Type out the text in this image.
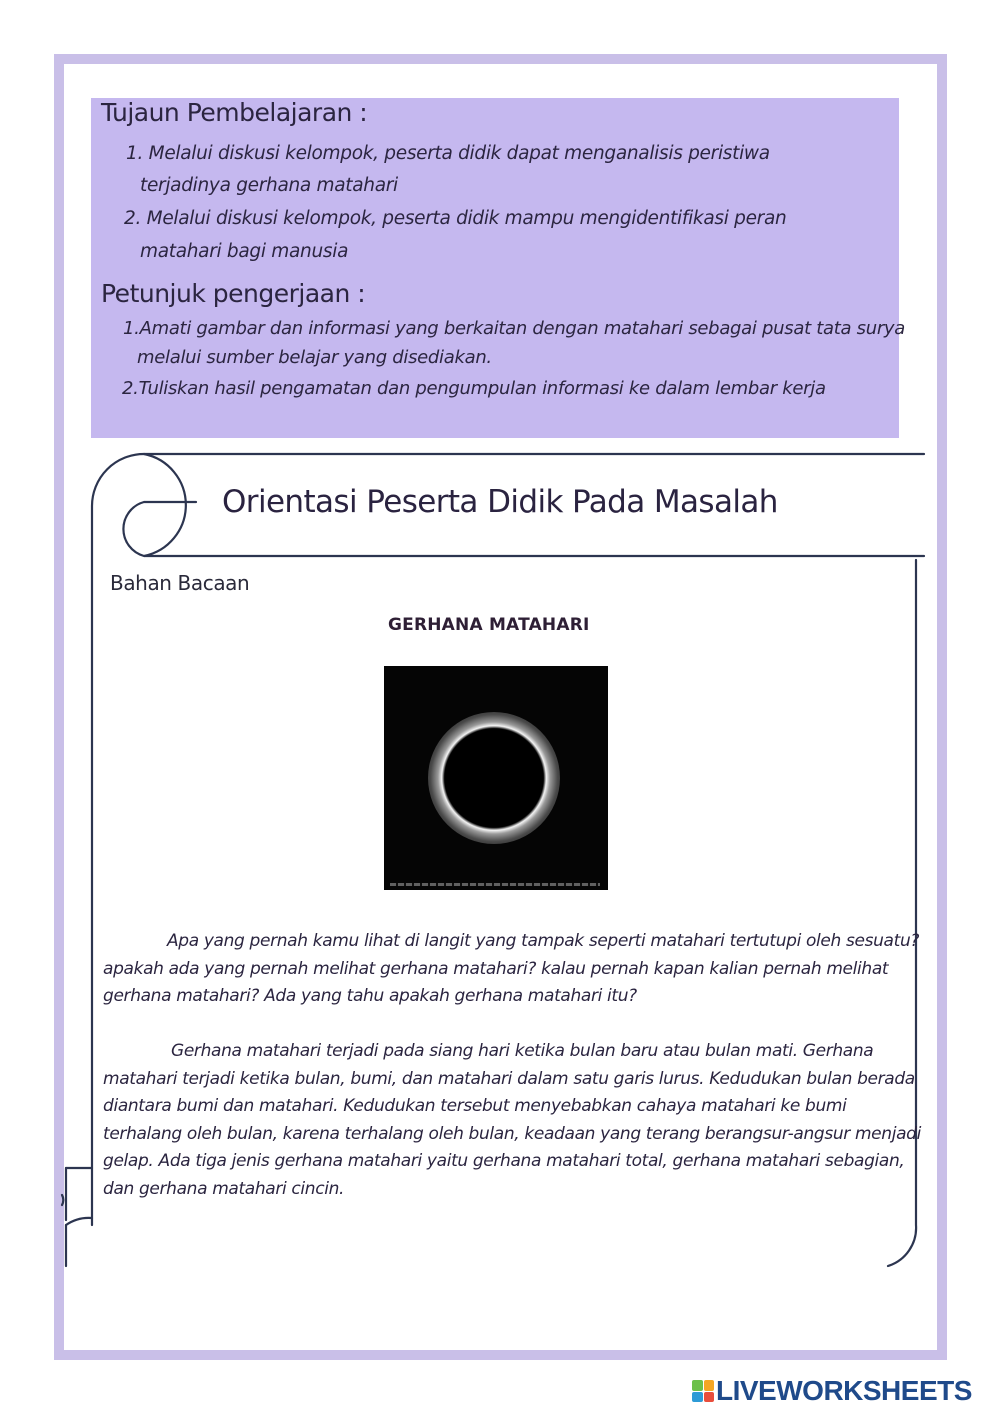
Tujaun Pembelajaran :
1. Melalui diskusi kelompok, peserta didik dapat menganalisis peristiwa
terjadinya gerhana matahari
2. Melalui diskusi kelompok, peserta didik mampu mengidentifikasi peran
matahari bagi manusia
Petunjuk pengerjaan :
1.Amati gambar dan informasi yang berkaitan dengan matahari sebagai pusat tata surya
melalui sumber belajar yang disediakan.
2.Tuliskan hasil pengamatan dan pengumpulan informasi ke dalam lembar kerja
Orientasi Peserta Didik Pada Masalah
Bahan Bacaan
GERHANA MATAHARI
Apa yang pernah kamu lihat di langit yang tampak seperti matahari tertutupi oleh sesuatu?
apakah ada yang pernah melihat gerhana matahari? kalau pernah kapan kalian pernah melihat
gerhana matahari? Ada yang tahu apakah gerhana matahari itu?
Gerhana matahari terjadi pada siang hari ketika bulan baru atau bulan mati. Gerhana
matahari terjadi ketika bulan, bumi, dan matahari dalam satu garis lurus. Kedudukan bulan berada
diantara bumi dan matahari. Kedudukan tersebut menyebabkan cahaya matahari ke bumi
terhalang oleh bulan, karena terhalang oleh bulan, keadaan yang terang berangsur-angsur menjadi
gelap. Ada tiga jenis gerhana matahari yaitu gerhana matahari total, gerhana matahari sebagian,
dan gerhana matahari cincin.
LIVEWORKSHEETS
